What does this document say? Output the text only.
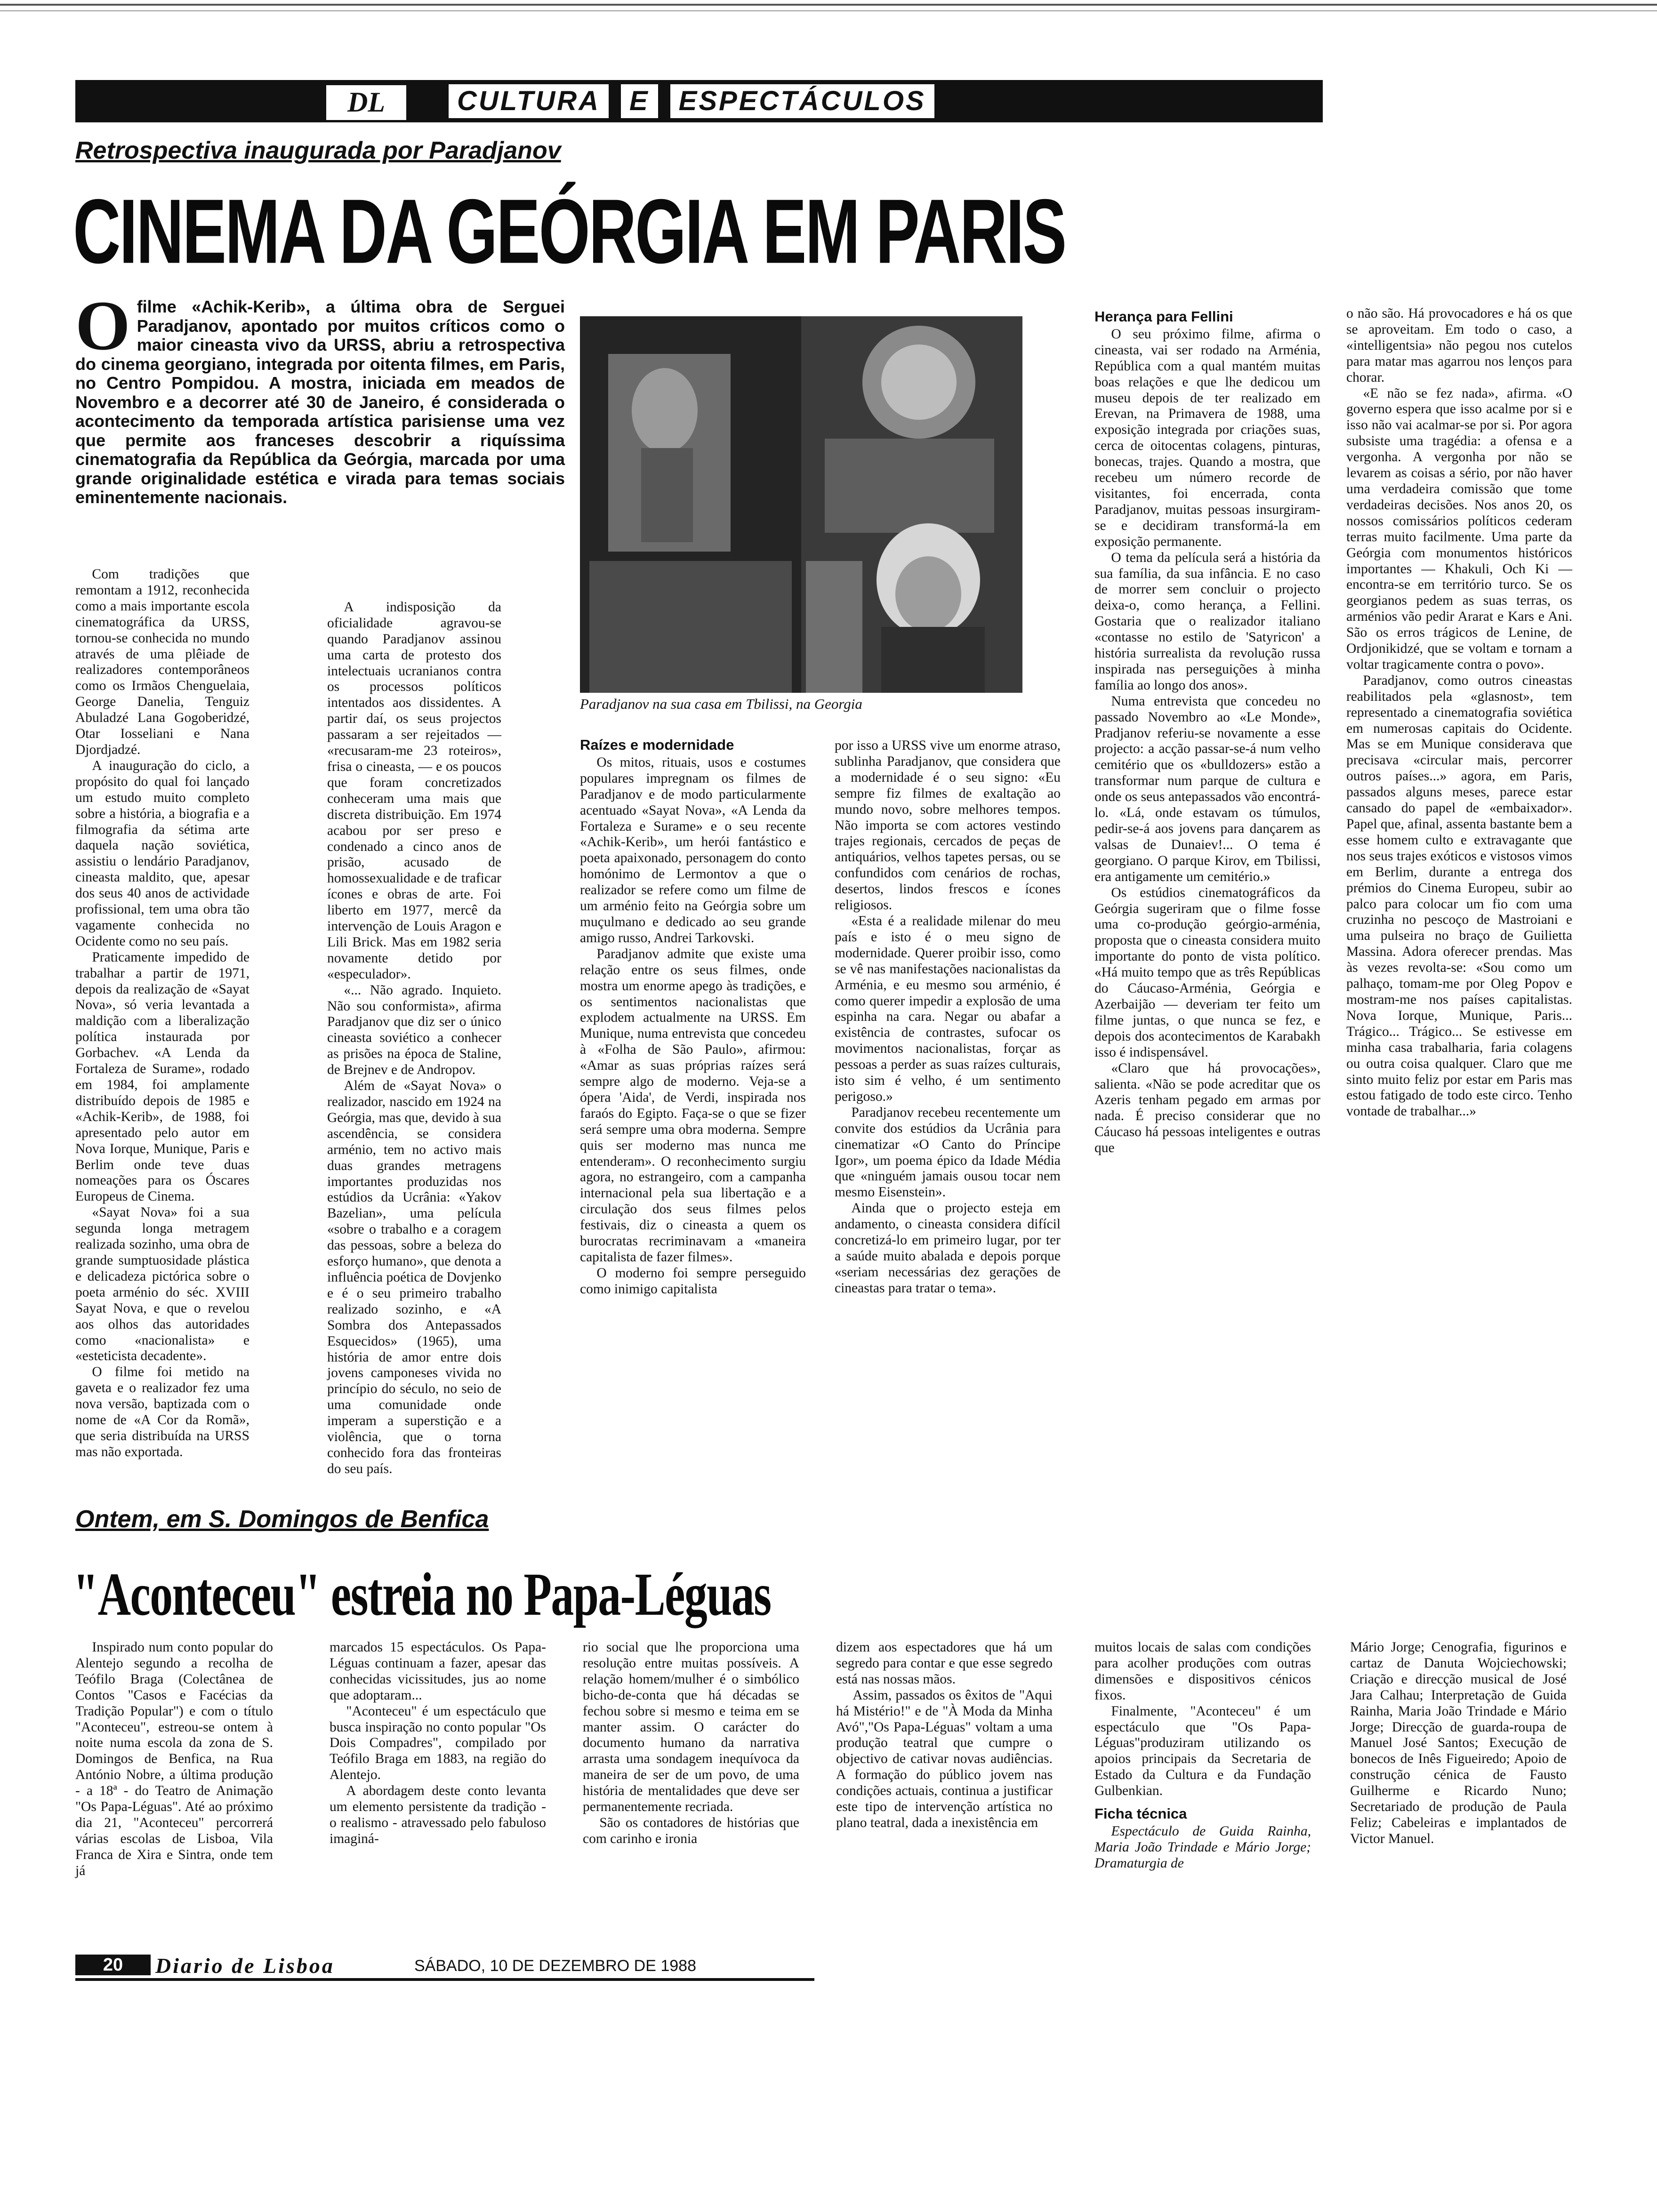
DL	CULTURA	E	ESPECTÁCULOS
Retrospectiva inaugurada por Paradjanov
CINEMA DA GEÓRGIA EM PARIS
O filme «Achik-Kerib», a última obra de Serguei Paradjanov, apontado por muitos críticos como o maior cineasta vivo da URSS, abriu a retrospectiva do cinema georgiano, integrada por oitenta filmes, em Paris, no Centro Pompidou. A mostra, iniciada em meados de Novembro e a decorrer até 30 de Janeiro, é considerada o acontecimento da temporada artística parisiense uma vez que permite aos franceses descobrir a riquíssima cinematografia da República da Geórgia, marcada por uma grande originalidade estética e virada para temas sociais eminentemente nacionais.
Paradjanov na sua casa em Tbilissi, na Georgia

Com tradições que remontam a 1912, reconhecida como a mais importante escola cinematográfica da URSS, tornou-se conhecida no mundo através de uma plêiade de realizadores contemporâneos como os Irmãos Chenguelaia, George Danelia, Tenguiz Abuladzé Lana Gogoberidzé, Otar Iosseliani e Nana Djordjadzé.

A inauguração do ciclo, a propósito do qual foi lançado um estudo muito completo sobre a história, a biografia e a filmografia da sétima arte daquela nação soviética, assistiu o lendário Paradjanov, cineasta maldito, que, apesar dos seus 40 anos de actividade profissional, tem uma obra tão vagamente conhecida no Ocidente como no seu país.

Praticamente impedido de trabalhar a partir de 1971, depois da realização de «Sayat Nova», só veria levantada a maldição com a liberalização política instaurada por Gorbachev. «A Lenda da Fortaleza de Surame», rodado em 1984, foi amplamente distribuído depois de 1985 e «Achik-Kerib», de 1988, foi apresentado pelo autor em Nova Iorque, Munique, Paris e Berlim onde teve duas nomeações para os Óscares Europeus de Cinema.

«Sayat Nova» foi a sua segunda longa metragem realizada sozinho, uma obra de grande sumptuosidade plástica e delicadeza pictórica sobre o poeta arménio do séc. XVIII Sayat Nova, e que o revelou aos olhos das autoridades como «nacionalista» e «esteticista decadente».

O filme foi metido na gaveta e o realizador fez uma nova versão, baptizada com o nome de «A Cor da Romã», que seria distribuída na URSS mas não exportada.

A indisposição da oficialidade agravou-se quando Paradjanov assinou uma carta de protesto dos intelectuais ucranianos contra os processos políticos intentados aos dissidentes. A partir daí, os seus projectos passaram a ser rejeitados — «recusaram-me 23 roteiros», frisa o cineasta, — e os poucos que foram concretizados conheceram uma mais que discreta distribuição. Em 1974 acabou por ser preso e condenado a cinco anos de prisão, acusado de homossexualidade e de traficar ícones e obras de arte. Foi liberto em 1977, mercê da intervenção de Louis Aragon e Lili Brick. Mas em 1982 seria novamente detido por «especulador».

«... Não agrado. Inquieto. Não sou conformista», afirma Paradjanov que diz ser o único cineasta soviético a conhecer as prisões na época de Staline, de Brejnev e de Andropov.

Além de «Sayat Nova» o realizador, nascido em 1924 na Geórgia, mas que, devido à sua ascendência, se considera arménio, tem no activo mais duas grandes metragens importantes produzidas nos estúdios da Ucrânia: «Yakov Bazelian», uma película «sobre o trabalho e a coragem das pessoas, sobre a beleza do esforço humano», que denota a influência poética de Dovjenko e é o seu primeiro trabalho realizado sozinho, e «A Sombra dos Antepassados Esquecidos» (1965), uma história de amor entre dois jovens camponeses vivida no princípio do século, no seio de uma comunidade onde imperam a superstição e a violência, que o torna conhecido fora das fronteiras do seu país.

Raízes e modernidade

Os mitos, rituais, usos e costumes populares impregnam os filmes de Paradjanov e de modo particularmente acentuado «Sayat Nova», «A Lenda da Fortaleza e Surame» e o seu recente «Achik-Kerib», um herói fantástico e poeta apaixonado, personagem do conto homónimo de Lermontov a que o realizador se refere como um filme de um arménio feito na Geórgia sobre um muçulmano e dedicado ao seu grande amigo russo, Andrei Tarkovski.

Paradjanov admite que existe uma relação entre os seus filmes, onde mostra um enorme apego às tradições, e os sentimentos nacionalistas que explodem actualmente na URSS. Em Munique, numa entrevista que concedeu à «Folha de São Paulo», afirmou: «Amar as suas próprias raízes será sempre algo de moderno. Veja-se a ópera 'Aida', de Verdi, inspirada nos faraós do Egipto. Faça-se o que se fizer será sempre uma obra moderna. Sempre quis ser moderno mas nunca me entenderam». O reconhecimento surgiu agora, no estrangeiro, com a campanha internacional pela sua libertação e a circulação dos seus filmes pelos festivais, diz o cineasta a quem os burocratas recriminavam a «maneira capitalista de fazer filmes».

O moderno foi sempre perseguido como inimigo capitalista

por isso a URSS vive um enorme atraso, sublinha Paradjanov, que considera que a modernidade é o seu signo: «Eu sempre fiz filmes de exaltação ao mundo novo, sobre melhores tempos. Não importa se com actores vestindo trajes regionais, cercados de peças de antiquários, velhos tapetes persas, ou se confundidos com cenários de rochas, desertos, lindos frescos e ícones religiosos.

«Esta é a realidade milenar do meu país e isto é o meu signo de modernidade. Querer proibir isso, como se vê nas manifestações nacionalistas da Arménia, e eu mesmo sou arménio, é como querer impedir a explosão de uma espinha na cara. Negar ou abafar a existência de contrastes, sufocar os movimentos nacionalistas, forçar as pessoas a perder as suas raízes culturais, isto sim é velho, é um sentimento perigoso.»

Paradjanov recebeu recentemente um convite dos estúdios da Ucrânia para cinematizar «O Canto do Príncipe Igor», um poema épico da Idade Média que «ninguém jamais ousou tocar nem mesmo Eisenstein».

Ainda que o projecto esteja em andamento, o cineasta considera difícil concretizá-lo em primeiro lugar, por ter a saúde muito abalada e depois porque «seriam necessárias dez gerações de cineastas para tratar o tema».

Herança para Fellini

O seu próximo filme, afirma o cineasta, vai ser rodado na Arménia, República com a qual mantém muitas boas relações e que lhe dedicou um museu depois de ter realizado em Erevan, na Primavera de 1988, uma exposição integrada por criações suas, cerca de oitocentas colagens, pinturas, bonecas, trajes. Quando a mostra, que recebeu um número recorde de visitantes, foi encerrada, conta Paradjanov, muitas pessoas insurgiram-se e decidiram transformá-la em exposição permanente.

O tema da película será a história da sua família, da sua infância. E no caso de morrer sem concluir o projecto deixa-o, como herança, a Fellini. Gostaria que o realizador italiano «contasse no estilo de 'Satyricon' a história surrealista da revolução russa inspirada nas perseguições à minha família ao longo dos anos».

Numa entrevista que concedeu no passado Novembro ao «Le Monde», Pradjanov referiu-se novamente a esse projecto: a acção passar-se-á num velho cemitério que os «bulldozers» estão a transformar num parque de cultura e onde os seus antepassados vão encontrá-lo. «Lá, onde estavam os túmulos, pedir-se-á aos jovens para dançarem as valsas de Dunaiev!... O tema é georgiano. O parque Kirov, em Tbilissi, era antigamente um cemitério.»

Os estúdios cinematográficos da Geórgia sugeriram que o filme fosse uma co-produção geórgio-arménia, proposta que o cineasta considera muito importante do ponto de vista político. «Há muito tempo que as três Repúblicas do Cáucaso-Arménia, Geórgia e Azerbaijão — deveriam ter feito um filme juntas, o que nunca se fez, e depois dos acontecimentos de Karabakh isso é indispensável.

«Claro que há provocações», salienta. «Não se pode acreditar que os Azeris tenham pegado em armas por nada. É preciso considerar que no Cáucaso há pessoas inteligentes e outras que

o não são. Há provocadores e há os que se aproveitam. Em todo o caso, a «intelligentsia» não pegou nos cutelos para matar mas agarrou nos lenços para chorar.

«E não se fez nada», afirma. «O governo espera que isso acalme por si e isso não vai acalmar-se por si. Por agora subsiste uma tragédia: a ofensa e a vergonha. A vergonha por não se levarem as coisas a sério, por não haver uma verdadeira comissão que tome verdadeiras decisões. Nos anos 20, os nossos comissários políticos cederam terras muito facilmente. Uma parte da Geórgia com monumentos históricos importantes — Khakuli, Och Ki — encontra-se em território turco. Se os georgianos pedem as suas terras, os arménios vão pedir Ararat e Kars e Ani. São os erros trágicos de Lenine, de Ordjonikidzé, que se voltam e tornam a voltar tragicamente contra o povo».

Paradjanov, como outros cineastas reabilitados pela «glasnost», tem representado a cinematografia soviética em numerosas capitais do Ocidente. Mas se em Munique considerava que precisava «circular mais, percorrer outros países...» agora, em Paris, passados alguns meses, parece estar cansado do papel de «embaixador». Papel que, afinal, assenta bastante bem a esse homem culto e extravagante que nos seus trajes exóticos e vistosos vimos em Berlim, durante a entrega dos prémios do Cinema Europeu, subir ao palco para colocar um fio com uma cruzinha no pescoço de Mastroiani e uma pulseira no braço de Guilietta Massina. Adora oferecer prendas. Mas às vezes revolta-se: «Sou como um palhaço, tomam-me por Oleg Popov e mostram-me nos países capitalistas. Nova Iorque, Munique, Paris... Trágico... Trágico... Se estivesse em minha casa trabalharia, faria colagens ou outra coisa qualquer. Claro que me sinto muito feliz por estar em Paris mas estou fatigado de todo este circo. Tenho vontade de trabalhar...»

Ontem, em S. Domingos de Benfica
"Aconteceu" estreia no Papa-Léguas

Inspirado num conto popular do Alentejo segundo a recolha de Teófilo Braga (Colectânea de Contos "Casos e Facécias da Tradição Popular") e com o título "Aconteceu", estreou-se ontem à noite numa escola da zona de S. Domingos de Benfica, na Rua António Nobre, a última produção - a 18ª - do Teatro de Animação "Os Papa-Léguas". Até ao próximo dia 21, "Aconteceu" percorrerá várias escolas de Lisboa, Vila Franca de Xira e Sintra, onde tem já

marcados 15 espectáculos. Os Papa-Léguas continuam a fazer, apesar das conhecidas vicissitudes, jus ao nome que adoptaram...

"Aconteceu" é um espectáculo que busca inspiração no conto popular "Os Dois Compadres", compilado por Teófilo Braga em 1883, na região do Alentejo.

A abordagem deste conto levanta um elemento persistente da tradição - o realismo - atravessado pelo fabuloso imaginá-

rio social que lhe proporciona uma resolução entre muitas possíveis. A relação homem/mulher é o simbólico bicho-de-conta que há décadas se fechou sobre si mesmo e teima em se manter assim. O carácter do documento humano da narrativa arrasta uma sondagem inequívoca da maneira de ser de um povo, de uma história de mentalidades que deve ser permanentemente recriada.

São os contadores de histórias que com carinho e ironia

dizem aos espectadores que há um segredo para contar e que esse segredo está nas nossas mãos.

Assim, passados os êxitos de "Aqui há Mistério!" e de "À Moda da Minha Avó","Os Papa-Léguas" voltam a uma produção teatral que cumpre o objectivo de cativar novas audiências. A formação do público jovem nas condições actuais, continua a justificar este tipo de intervenção artística no plano teatral, dada a inexistência em

muitos locais de salas com condições para acolher produções com outras dimensões e dispositivos cénicos fixos.

Finalmente, "Aconteceu" é um espectáculo que "Os Papa-Léguas"produziram utilizando os apoios principais da Secretaria de Estado da Cultura e da Fundação Gulbenkian.

Ficha técnica

Espectáculo de Guida Rainha, Maria João Trindade e Mário Jorge; Dramaturgia de

Mário Jorge; Cenografia, figurinos e cartaz de Danuta Wojciechowski; Criação e direcção musical de José Jara Calhau; Interpretação de Guida Rainha, Maria João Trindade e Mário Jorge; Direcção de guarda-roupa de Manuel José Santos; Execução de bonecos de Inês Figueiredo; Apoio de construção cénica de Fausto Guilherme e Ricardo Nuno; Secretariado de produção de Paula Feliz; Cabeleiras e implantados de Victor Manuel.

20	Diario de Lisboa	SÁBADO, 10 DE DEZEMBRO DE 1988
